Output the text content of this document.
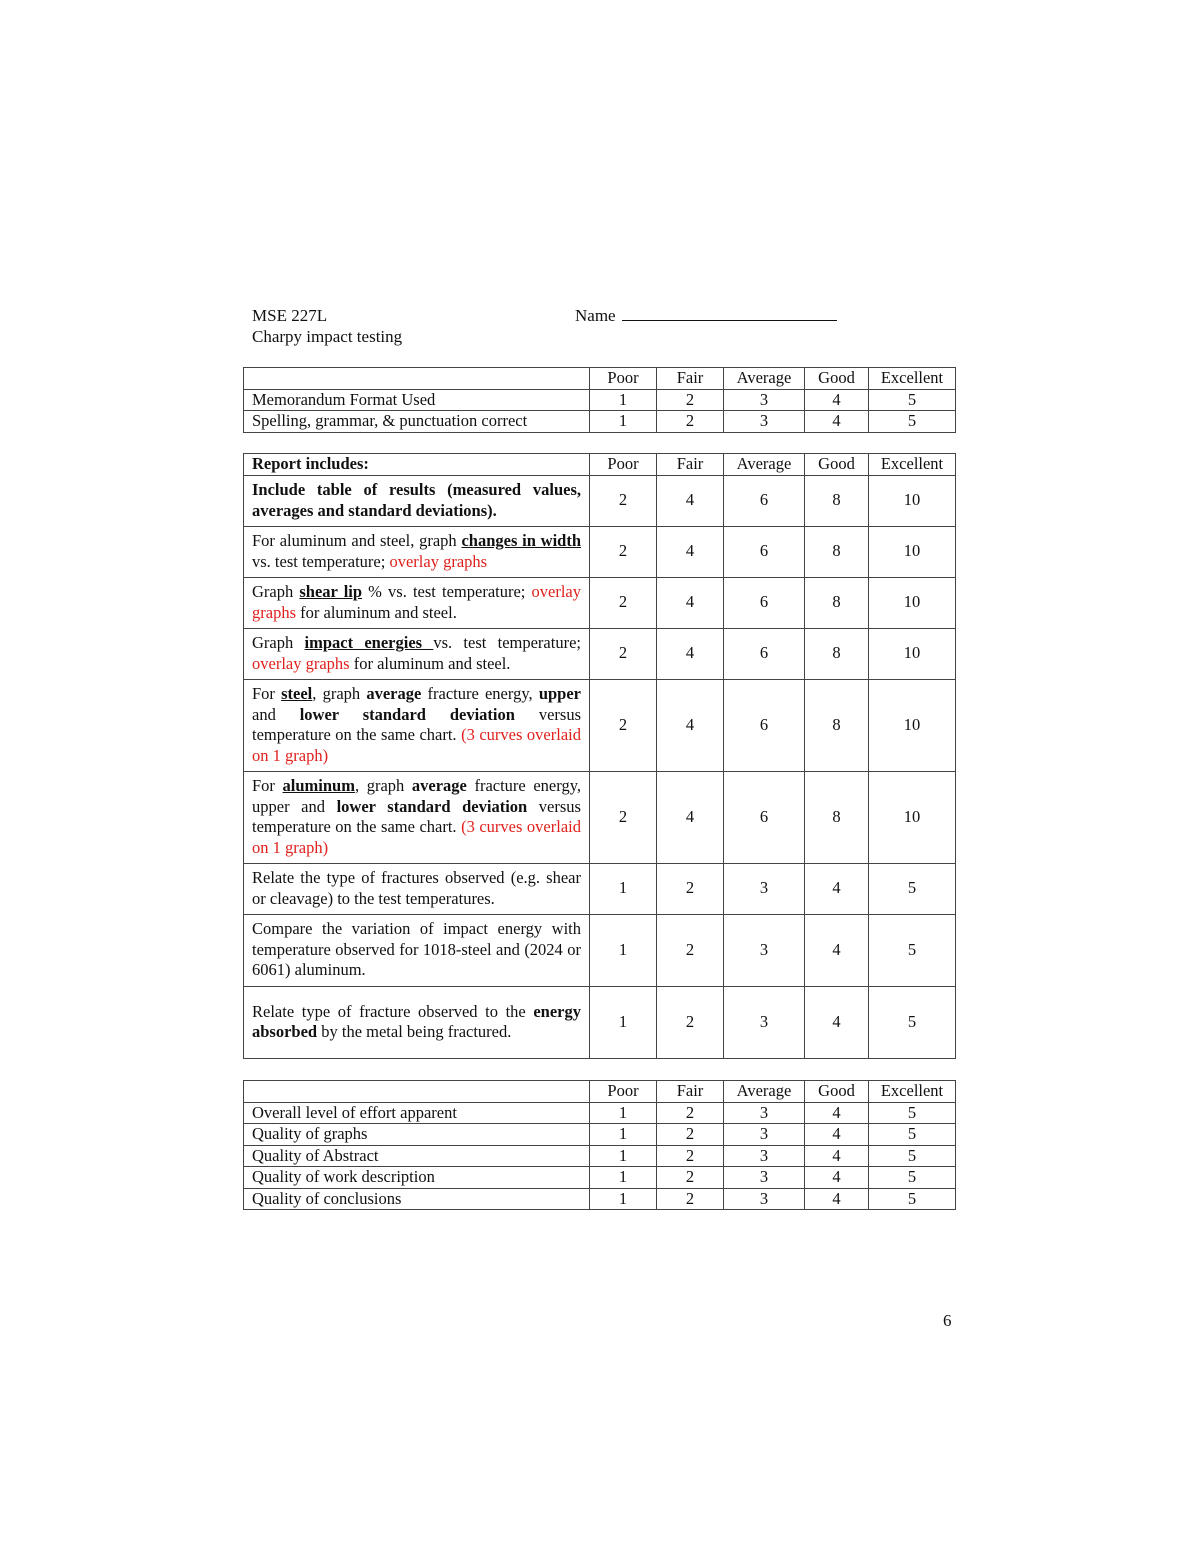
MSE 227L
Charpy impact testing
Name
	Poor	Fair	Average	Good	Excellent
Memorandum Format Used	1	2	3	4	5
Spelling, grammar, & punctuation correct	1	2	3	4	5
Report includes:	Poor	Fair	Average	Good	Excellent
Include table of results (measured values, averages and standard deviations).	2	4	6	8	10
For aluminum and steel, graph changes in width vs. test temperature; overlay graphs	2	4	6	8	10
Graph shear lip % vs. test temperature; overlay graphs for aluminum and steel.	2	4	6	8	10
Graph impact energies vs. test temperature; overlay graphs for aluminum and steel.	2	4	6	8	10
For steel, graph average fracture energy, upper and lower standard deviation versus temperature on the same chart. (3 curves overlaid on 1 graph)	2	4	6	8	10
For aluminum, graph average fracture energy, upper and lower standard deviation versus temperature on the same chart. (3 curves overlaid on 1 graph)	2	4	6	8	10
Relate the type of fractures observed (e.g. shear or cleavage) to the test temperatures.	1	2	3	4	5
Compare the variation of impact energy with temperature observed for 1018-steel and (2024 or 6061) aluminum.	1	2	3	4	5
Relate type of fracture observed to the energy absorbed by the metal being fractured.	1	2	3	4	5
	Poor	Fair	Average	Good	Excellent
Overall level of effort apparent	1	2	3	4	5
Quality of graphs	1	2	3	4	5
Quality of Abstract	1	2	3	4	5
Quality of work description	1	2	3	4	5
Quality of conclusions	1	2	3	4	5
6
